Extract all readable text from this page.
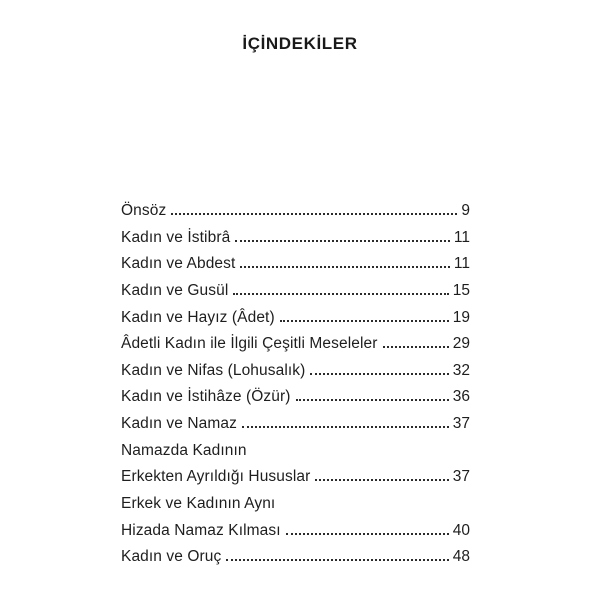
İÇİNDEKİLER
Önsöz	9
Kadın ve İstibrâ	11
Kadın ve Abdest	11
Kadın ve Gusül	15
Kadın ve Hayız (Âdet)	19
Âdetli Kadın ile İlgili Çeşitli Meseleler	29
Kadın ve Nifas (Lohusalık)	32
Kadın ve İstihâze (Özür)	36
Kadın ve Namaz	37
Namazda Kadının
Erkekten Ayrıldığı Hususlar	37
Erkek ve Kadının Aynı
Hizada Namaz Kılması	40
Kadın ve Oruç	48
